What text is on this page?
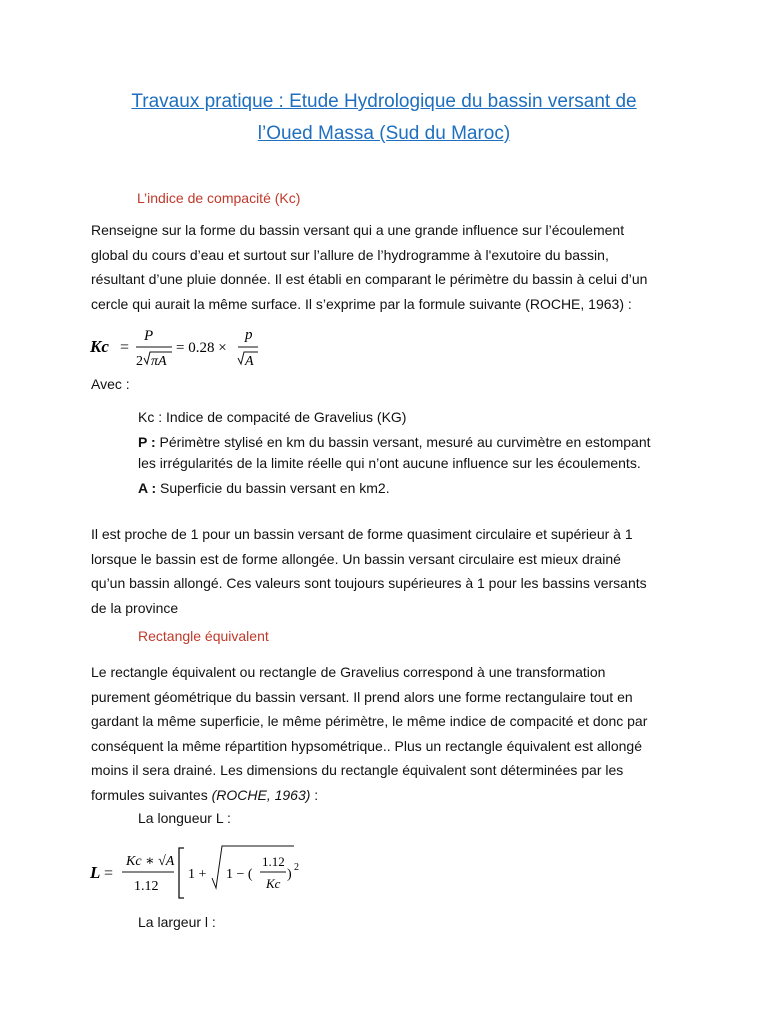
Travaux pratique : Etude Hydrologique du bassin versant de
l’Oued Massa (Sud du Maroc)
L’indice de compacité (Kc)
Renseigne sur la forme du bassin versant qui a une grande influence sur l’écoulement
global du cours d’eau et surtout sur l’allure de l’hydrogramme à l'exutoire du bassin,
résultant d’une pluie donnée. Il est établi en comparant le périmètre du bassin à celui d’un
cercle qui aurait la même surface. Il s’exprime par la formule suivante (ROCHE, 1963) :
Kc =
P
2 πA
= 0.28 ×
p
A
Avec :
Kc : Indice de compacité de Gravelius (KG)
P : Périmètre stylisé en km du bassin versant, mesuré au curvimètre en estompant
les irrégularités de la limite réelle qui n’ont aucune influence sur les écoulements.
A : Superficie du bassin versant en km2.
Il est proche de 1 pour un bassin versant de forme quasiment circulaire et supérieur à 1
lorsque le bassin est de forme allongée. Un bassin versant circulaire est mieux drainé
qu’un bassin allongé. Ces valeurs sont toujours supérieures à 1 pour les bassins versants
de la province
Rectangle équivalent
Le rectangle équivalent ou rectangle de Gravelius correspond à une transformation
purement géométrique du bassin versant. Il prend alors une forme rectangulaire tout en
gardant la même superficie, le même périmètre, le même indice de compacité et donc par
conséquent la même répartition hypsométrique.. Plus un rectangle équivalent est allongé
moins il sera drainé. Les dimensions du rectangle équivalent sont déterminées par les
formules suivantes (ROCHE, 1963) :
La longueur L :
L =
Kc ∗ √A
1.12
1 + 1 − (
1.12
Kc
) 2
La largeur l :
